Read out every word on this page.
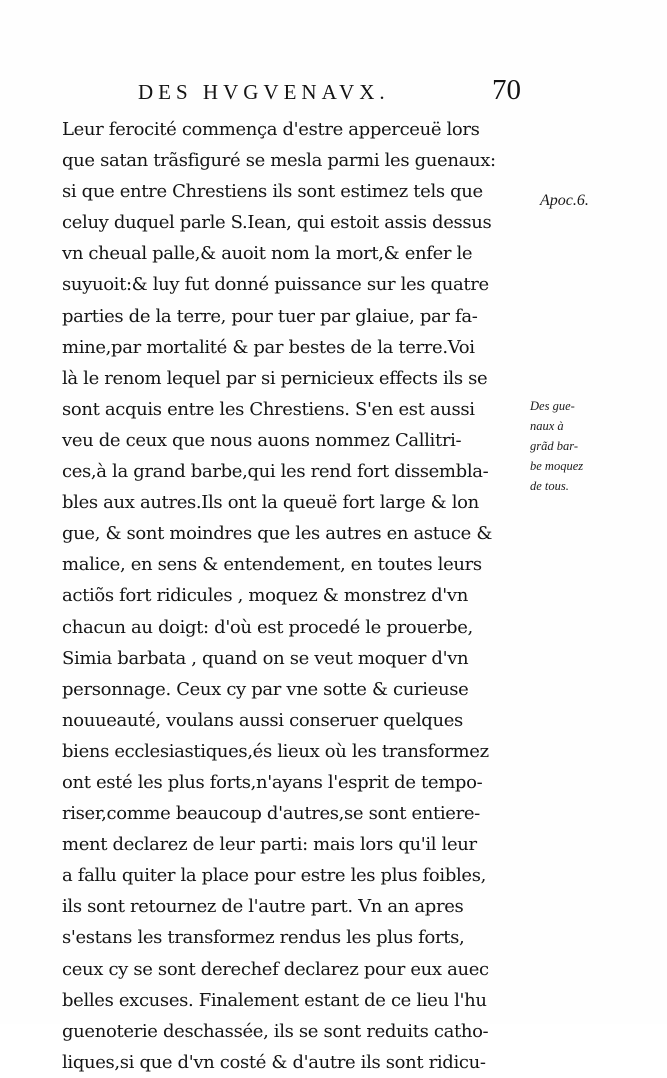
DES HVGVENAVX.	70
Leur ferocité commença d'estre apperceuë lors
que satan trãsfiguré se mesla parmi les guenaux:
si que entre Chrestiens ils sont estimez tels que
celuy duquel parle S.Iean, qui estoit assis dessus
vn cheual palle,& auoit nom la mort,& enfer le
suyuoit:& luy fut donné puissance sur les quatre
parties de la terre, pour tuer par glaiue, par fa-
mine,par mortalité & par bestes de la terre.Voi
là le renom lequel par si pernicieux effects ils se
sont acquis entre les Chrestiens. S'en est aussi
veu de ceux que nous auons nommez Callitri-
ces,à la grand barbe,qui les rend fort dissembla-
bles aux autres.Ils ont la queuë fort large & lon
gue, & sont moindres que les autres en astuce &
malice, en sens & entendement, en toutes leurs
actiõs fort ridicules , moquez & monstrez d'vn
chacun au doigt: d'où est procedé le prouerbe,
Simia barbata , quand on se veut moquer d'vn
personnage. Ceux cy par vne sotte & curieuse
nouueauté, voulans aussi conseruer quelques
biens ecclesiastiques,és lieux où les transformez
ont esté les plus forts,n'ayans l'esprit de tempo-
riser,comme beaucoup d'autres,se sont entiere-
ment declarez de leur parti: mais lors qu'il leur
a fallu quiter la place pour estre les plus foibles,
ils sont retournez de l'autre part. Vn an apres
s'estans les transformez rendus les plus forts,
ceux cy se sont derechef declarez pour eux auec
belles excuses. Finalement estant de ce lieu l'hu
guenoterie deschassée, ils se sont reduits catho-
liques,si que d'vn costé & d'autre ils sont ridicu-
Apoc.6.
Des gue-
naux à
grãd bar-
be moquez
de tous.
